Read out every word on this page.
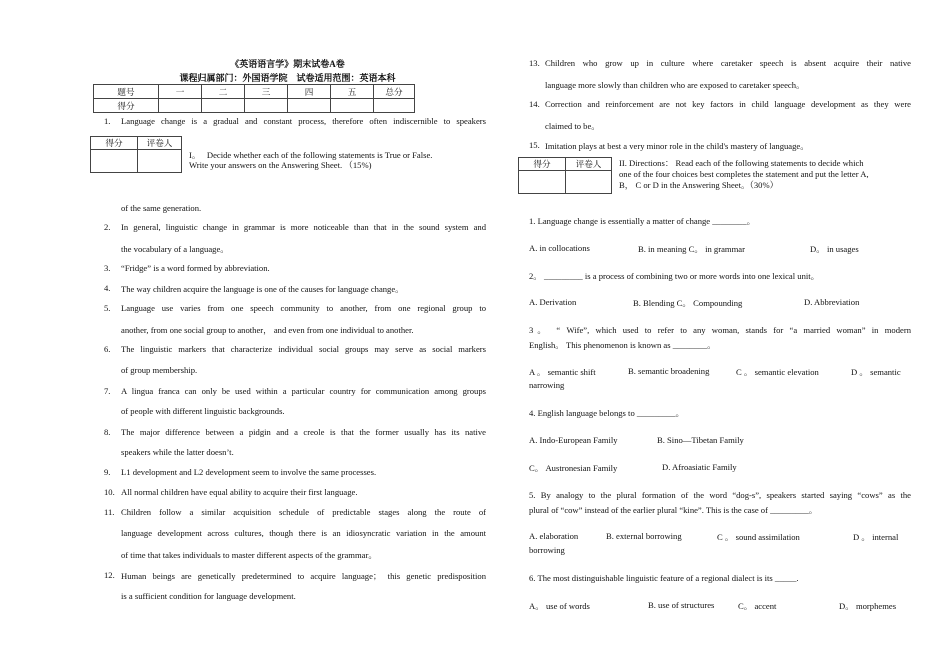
《英语语言学》期末试卷A卷
课程归属部门：外国语学院　试卷适用范围：英语本科
题号	一	二	三	四	五	总分
得分						
得分	评卷人

I。　 Decide whether each of the following statements is True or False.
Write your answers on the Answering Sheet. （15%)
1. Language change is a gradual and constant process, therefore often indiscernible to speakers
of the same generation.
2. In general, linguistic change in grammar is more noticeable than that in the sound system and
the vocabulary of a language。
3. “Fridge” is a word formed by abbreviation.
4. The way children acquire the language is one of the causes for language change。
5. Language use varies from one speech community to another, from one regional group to
another, from one social group to another， and even from one individual to another.
6. The linguistic markers that characterize individual social groups may serve as social markers
of group membership.
7. A lingua franca can only be used within a particular country for communication among groups
of people with different linguistic backgrounds.
8. The major difference between a pidgin and a creole is that the former usually has its native
speakers while the latter doesn’t.
9. L1 development and L2 development seem to involve the same processes.
10. All normal children have equal ability to acquire their first language.
11. Children follow a similar acquisition schedule of predictable stages along the route of
language development across cultures, though there is an idiosyncratic variation in the amount
of time that takes individuals to master different aspects of the grammar。
12. Human beings are genetically predetermined to acquire language； this genetic predisposition
is a sufficient condition for language development.
13. Children who grow up in culture where caretaker speech is absent acquire their native
language more slowly than children who are exposed to caretaker speech。
14. Correction and reinforcement are not key factors in child language development as they were
claimed to be。
15. Imitation plays at best a very minor role in the child's mastery of language。
得分	评卷人
	II. Directions： Read each of the following statements to decide which
one of the four choices best completes the statement and put the letter A,
B， C or D in the Answering Sheet。（30%）
1. Language change is essentially a matter of change ________。
A. in collocations	B. in meaning C。 in grammar	D。 in usages
2。 _________ is a process of combining two or more words into one lexical unit。
A. Derivation	B. Blending C。 Compounding	D. Abbreviation
3。 “ Wife”, which used to refer to any woman, stands for “a married woman” in modern
English。 This phenomenon is known as ________。
A 。 semantic shift	B. semantic broadening	C 。 semantic elevation	D 。 semantic
narrowing
4. English language belongs to _________。
A. Indo-European Family	B. Sino—Tibetan Family
C。 Austronesian Family	D. Afroasiatic Family
5. By analogy to the plural formation of the word “dog-s”, speakers started saying “cows” as the
plural of “cow” instead of the earlier plural “kine”. This is the case of _________。
A. elaboration	B. external borrowing	C 。 sound assimilation	D 。 internal
borrowing
6. The most distinguishable linguistic feature of a regional dialect is its _____.
A。 use of words	B. use of structures	C。 accent	D。 morphemes
